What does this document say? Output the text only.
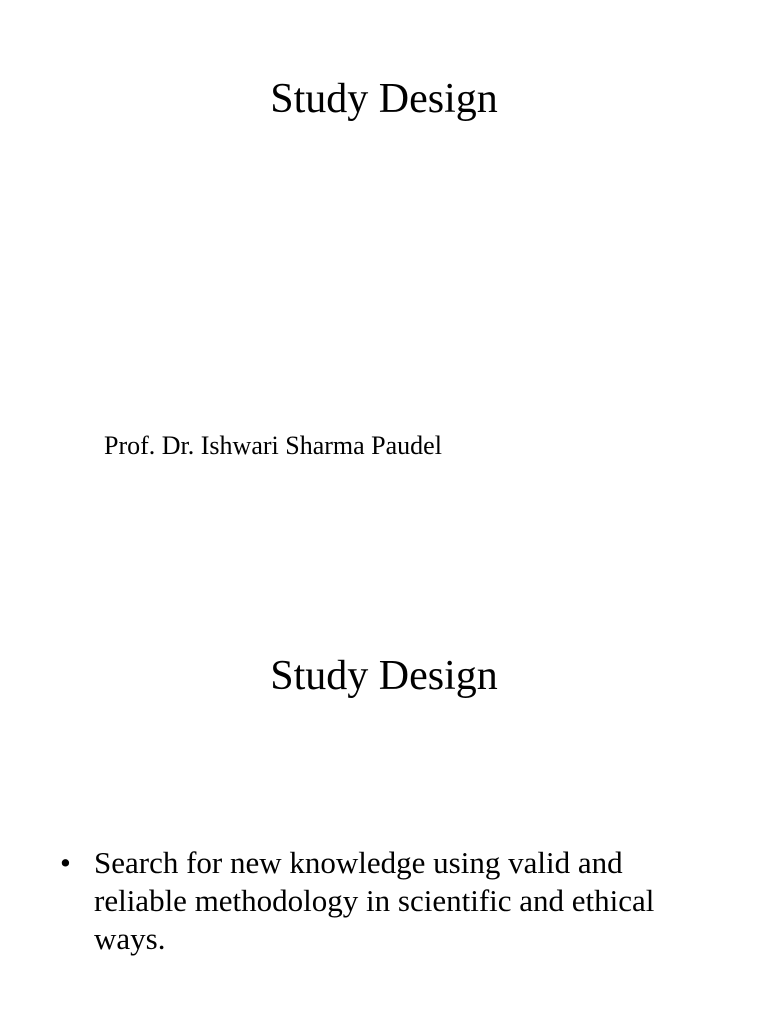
Study Design

Prof. Dr. Ishwari Sharma Paudel

Study Design
• Search for new knowledge using valid and reliable methodology in scientific and ethical ways.
